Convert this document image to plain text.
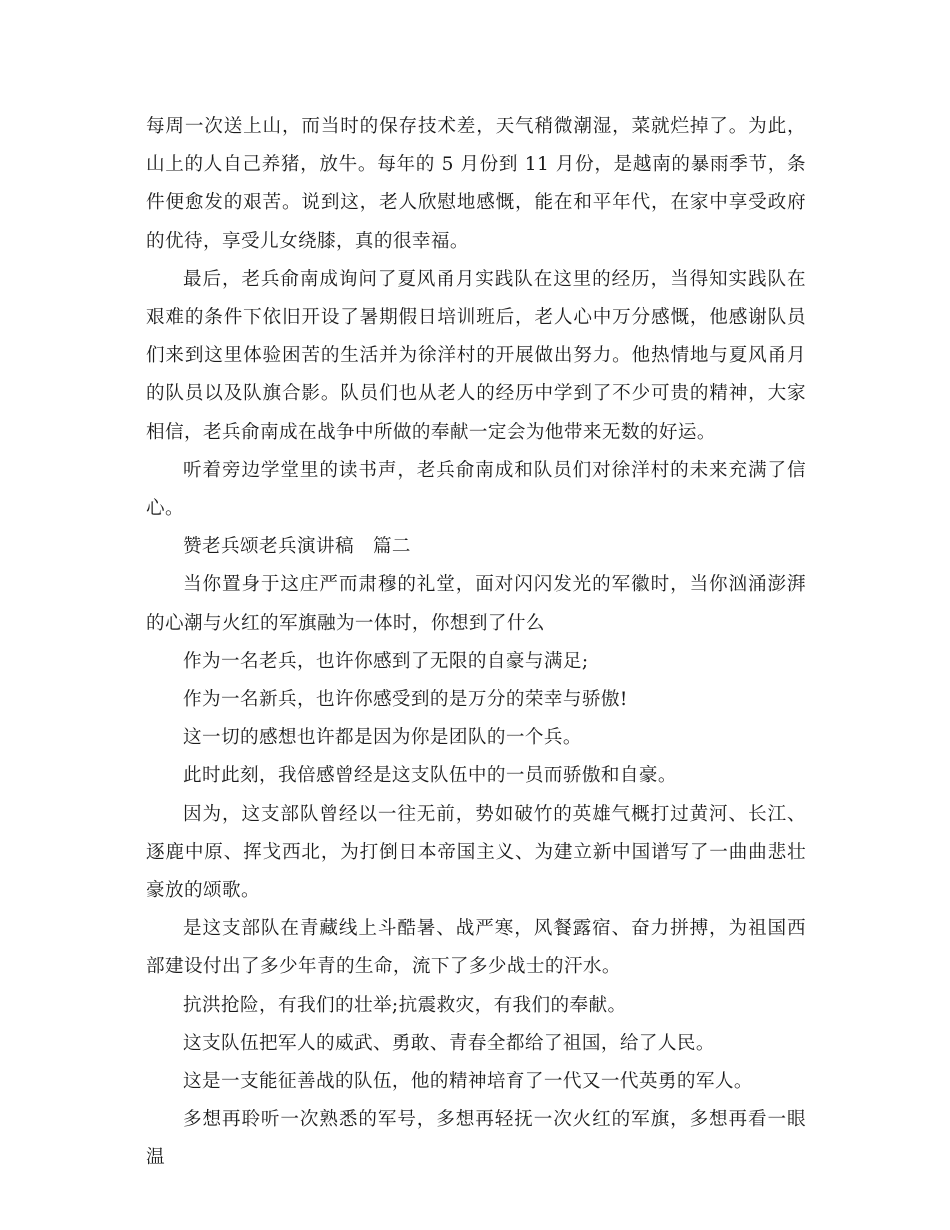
每周一次送上山，而当时的保存技术差，天气稍微潮湿，菜就烂掉了。为此，山上的人自己养猪，放牛。每年的 5 月份到 11 月份，是越南的暴雨季节，条件便愈发的艰苦。说到这，老人欣慰地感慨，能在和平年代，在家中享受政府的优待，享受儿女绕膝，真的很幸福。

最后，老兵俞南成询问了夏风甬月实践队在这里的经历，当得知实践队在艰难的条件下依旧开设了暑期假日培训班后，老人心中万分感慨，他感谢队员们来到这里体验困苦的生活并为徐洋村的开展做出努力。他热情地与夏风甬月的队员以及队旗合影。队员们也从老人的经历中学到了不少可贵的精神，大家相信，老兵俞南成在战争中所做的奉献一定会为他带来无数的好运。

听着旁边学堂里的读书声，老兵俞南成和队员们对徐洋村的未来充满了信心。

赞老兵颂老兵演讲稿　篇二

当你置身于这庄严而肃穆的礼堂，面对闪闪发光的军徽时，当你汹涌澎湃的心潮与火红的军旗融为一体时，你想到了什么

作为一名老兵，也许你感到了无限的自豪与满足;

作为一名新兵，也许你感受到的是万分的荣幸与骄傲!

这一切的感想也许都是因为你是团队的一个兵。

此时此刻，我倍感曾经是这支队伍中的一员而骄傲和自豪。

因为，这支部队曾经以一往无前，势如破竹的英雄气概打过黄河、长江、逐鹿中原、挥戈西北，为打倒日本帝国主义、为建立新中国谱写了一曲曲悲壮豪放的颂歌。

是这支部队在青藏线上斗酷暑、战严寒，风餐露宿、奋力拼搏，为祖国西部建设付出了多少年青的生命，流下了多少战士的汗水。

抗洪抢险，有我们的壮举;抗震救灾，有我们的奉献。

这支队伍把军人的威武、勇敢、青春全都给了祖国，给了人民。

这是一支能征善战的队伍，他的精神培育了一代又一代英勇的军人。

多想再聆听一次熟悉的军号，多想再轻抚一次火红的军旗，多想再看一眼温
